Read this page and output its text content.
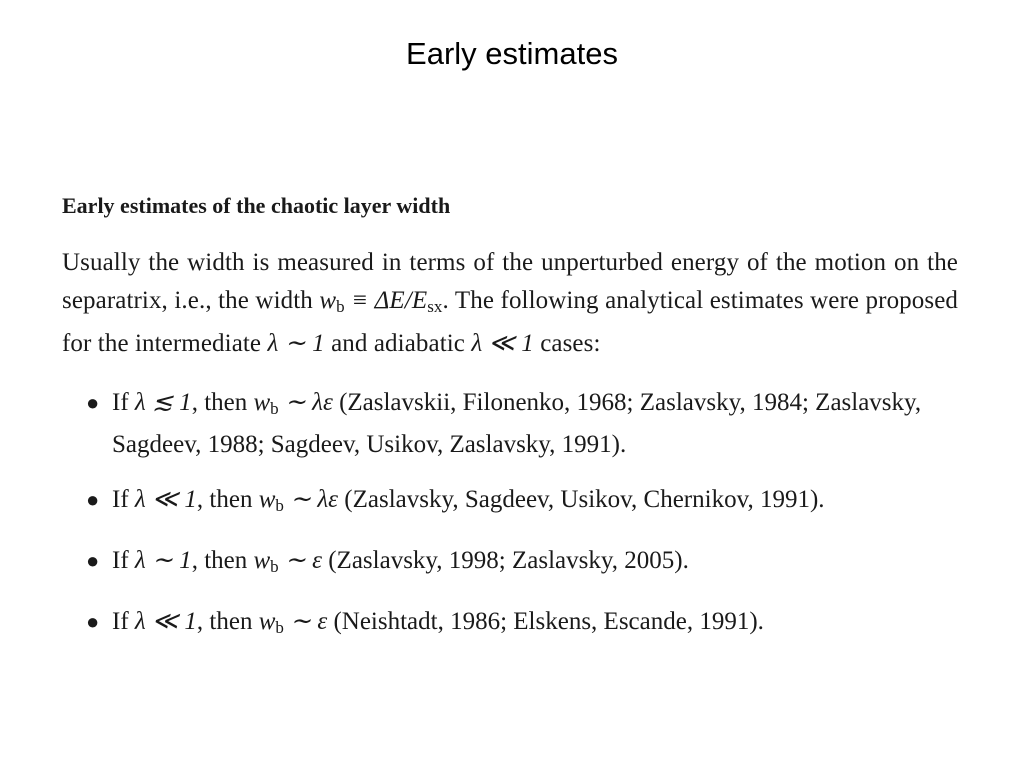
Early estimates
Early estimates of the chaotic layer width

Usually the width is measured in terms of the unperturbed energy of the motion on the separatrix, i.e., the width $w_b \equiv \Delta E/E_{sx}$. The following analytical estimates were proposed for the intermediate λ ∼ 1 and adiabatic λ ≪ 1 cases:

● If λ ≲ 1, then $w_b$ ∼ λε (Zaslavskii, Filonenko, 1968; Zaslavsky, 1984; Zaslavsky, Sagdeev, 1988; Sagdeev, Usikov, Zaslavsky, 1991).
● If λ ≪ 1, then $w_b$ ∼ λε (Zaslavsky, Sagdeev, Usikov, Chernikov, 1991).
● If λ ∼ 1, then $w_b$ ∼ ε (Zaslavsky, 1998; Zaslavsky, 2005).
● If λ ≪ 1, then $w_b$ ∼ ε (Neishtadt, 1986; Elskens, Escande, 1991).
